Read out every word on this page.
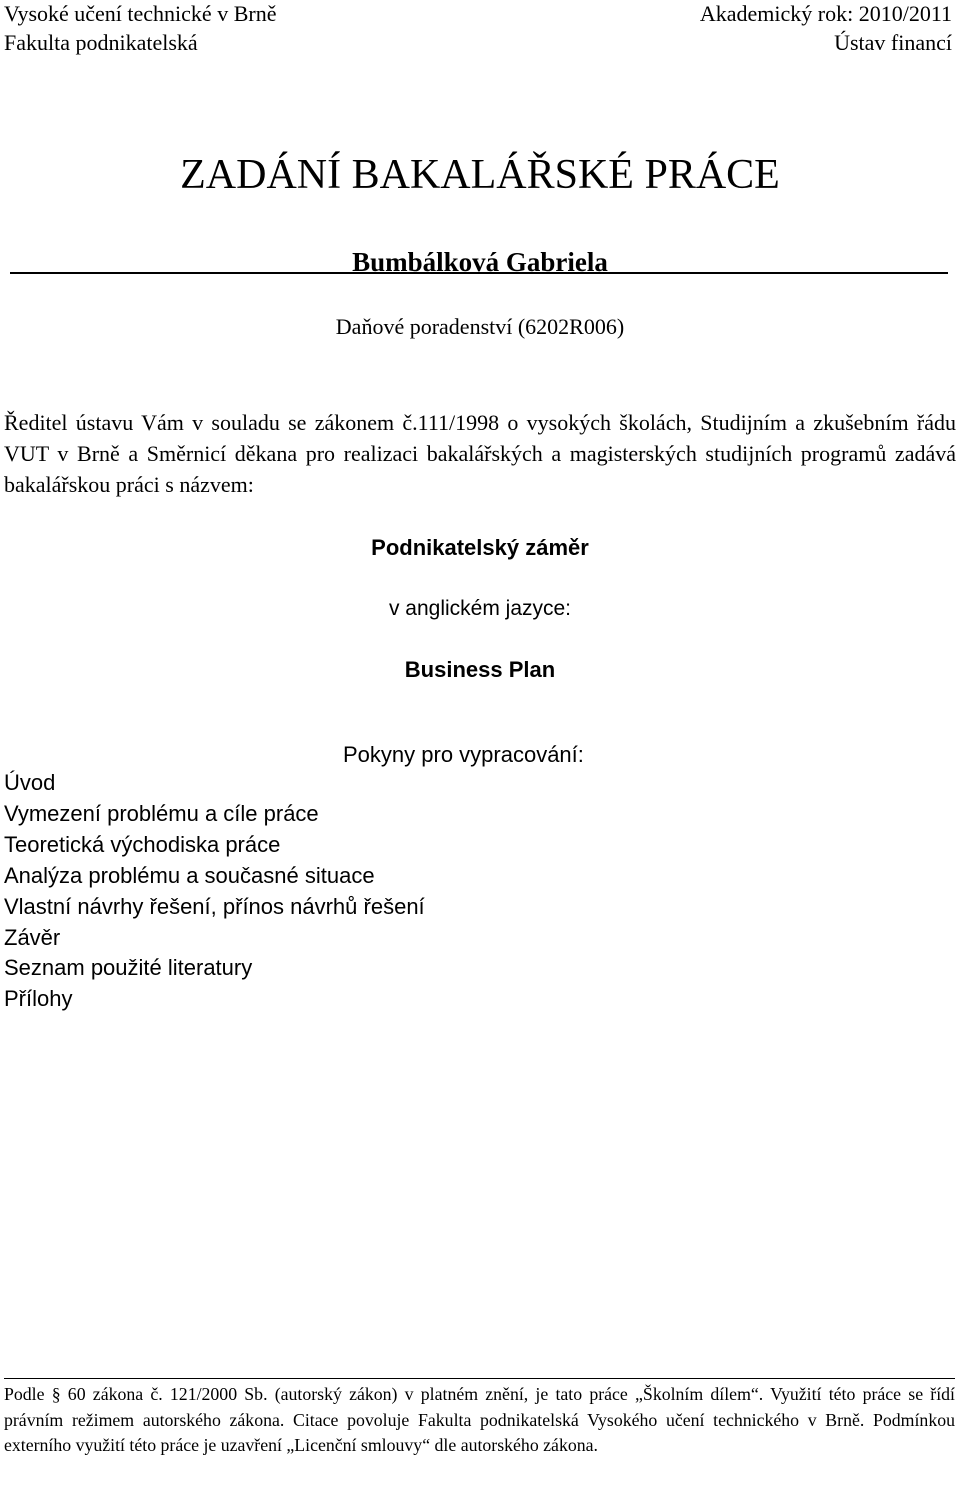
Vysoké učení technické v Brně
Fakulta podnikatelská
Akademický rok: 2010/2011
Ústav financí
ZADÁNÍ BAKALÁŘSKÉ PRÁCE
Bumbálková Gabriela
Daňové poradenství (6202R006)
Ředitel ústavu Vám v souladu se zákonem č.111/1998 o vysokých školách, Studijním a zkušebním řádu VUT v Brně a Směrnicí děkana pro realizaci bakalářských a magisterských studijních programů zadává bakalářskou práci s názvem:
Podnikatelský záměr
v anglickém jazyce:
Business Plan
Pokyny pro vypracování:
Úvod
Vymezení problému a cíle práce
Teoretická východiska práce
Analýza problému a současné situace
Vlastní návrhy řešení, přínos návrhů řešení
Závěr
Seznam použité literatury
Přílohy
Podle § 60 zákona č. 121/2000 Sb. (autorský zákon) v platném znění, je tato práce „Školním dílem“. Využití této práce se řídí právním režimem autorského zákona. Citace povoluje Fakulta podnikatelská Vysokého učení technického v Brně. Podmínkou externího využití této práce je uzavření „Licenční smlouvy“ dle autorského zákona.
